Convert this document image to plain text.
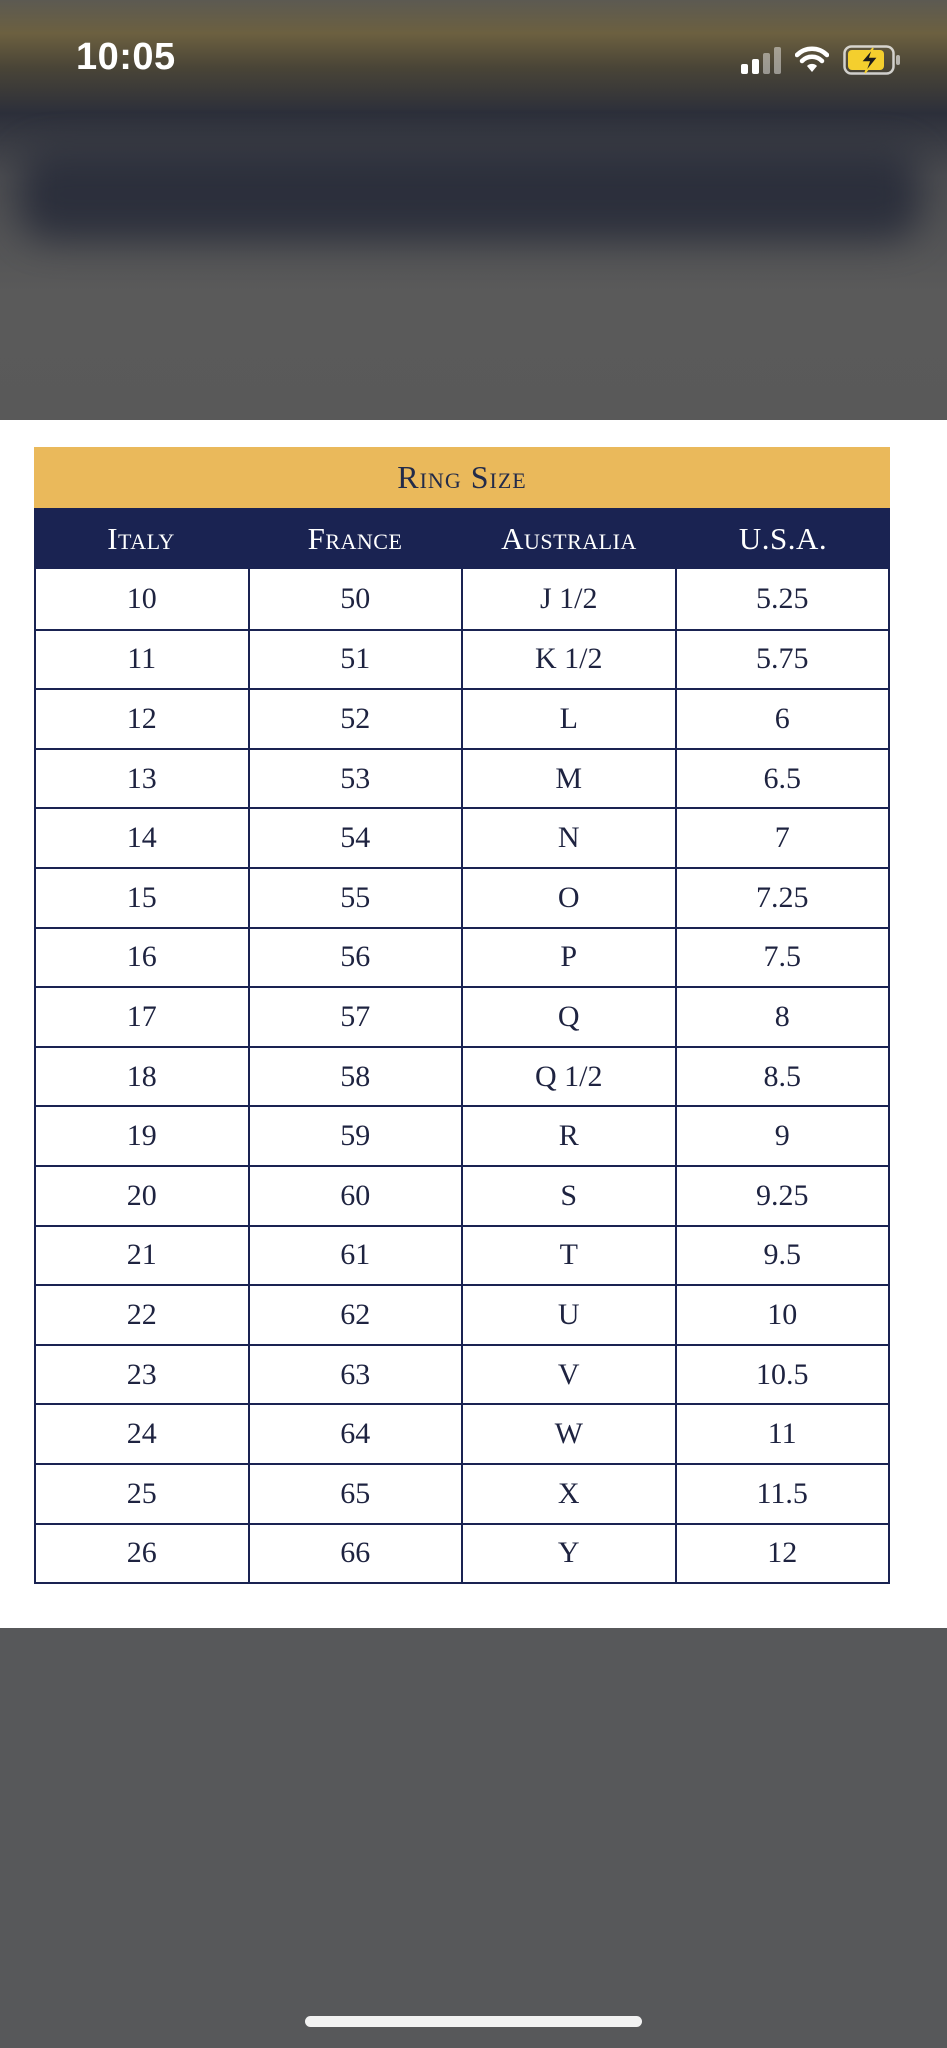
10:05
Ring Size
Italy	France	Australia	U.S.A.
10	50	J 1/2	5.25
11	51	K 1/2	5.75
12	52	L	6
13	53	M	6.5
14	54	N	7
15	55	O	7.25
16	56	P	7.5
17	57	Q	8
18	58	Q 1/2	8.5
19	59	R	9
20	60	S	9.25
21	61	T	9.5
22	62	U	10
23	63	V	10.5
24	64	W	11
25	65	X	11.5
26	66	Y	12
